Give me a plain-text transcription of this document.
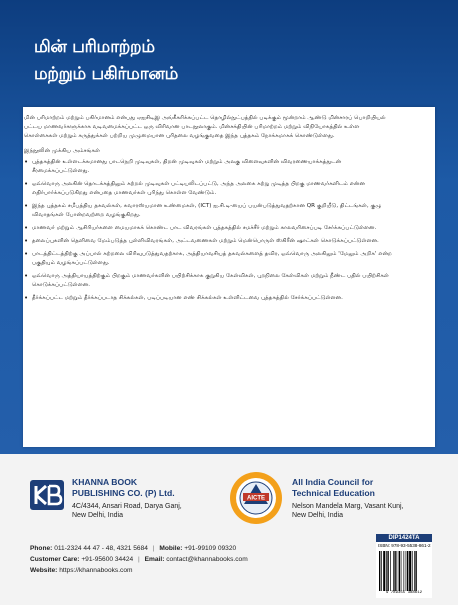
மின் பரிமாற்றம்
மற்றும் பகிர்மானம்

மின் பரிமாற்றம் மற்றும் பகிர்மானம் என்பது ஏஐசிடிஇ அங்கீகரிக்கப்பட்ட தொழில்நுட்பத்தில் படிக்கும் மூன்றாம் ஆண்டு மின்சாரப் பொறியியல் பட்டய மாணவர்களுக்காக வடிவமைக்கப்பட்ட ஒரு விரிவான பாடநூலாகும். மின்சக்தியின் பரிமாற்றம் மற்றும் விநியோகத்தில் உள்ள கொள்கைகள் மற்றும் கருத்துக்கள் பற்றிய முழுமையான புரிதலை வழங்குவதை இந்த புத்தகம் நோக்கமாகக் கொண்டுள்ளது.

இந்நூலின் முக்கிய அம்சங்கள்

• புத்தகத்தின் உள்ளடக்கமானது பாடநெறி முடிவுகள், திறன் முடிவுகள் மற்றும் அலகு விளைவுகளின் விவரணையாக்கத்துடன் சீரமைக்கப்பட்டுள்ளது.
• ஒவ்வொரு அலகின் தொடக்கத்திலும் கற்றல் முடிவுகள் பட்டியலிடப்பட்டு, அந்த அலகை கற்று முடித்த பிறகு மாணவர்களிடம் என்ன எதிர்பார்க்கப்படுகிறது என்பதை மாணவர்கள் புரிந்து கொள்ள வேண்டும்.
• இந்த புத்தகம் சமீபத்திய தகவல்கள், சுவாரஸ்யமான உண்மைகள், (ICT) ஐ.சி.டி-யைப் பயன்படுத்துவதற்கான QR குறியீடு, திட்டங்கள், குழு விவாதங்கள் போன்றவற்றை வழங்குகிறது.
• மாணவர் மற்றும் ஆசிரியர்களை மையமாகக் கொண்ட பாட விவரங்கள் புத்தகத்தில் சமச்சீர் மற்றும் காலவரிசைப்படி சேர்க்கப்பட்டுள்ளன.
• தலைப்புகளின் தெளிவை மேம்படுத்த புள்ளிவிவரங்கள், அட்டவணைகள் மற்றும் மென்பொருள் ஸ்கிரீன் ஷாட்கள் கொடுக்கப்பட்டுள்ளன.
• பாடத்திட்டத்திற்கு அப்பால் கற்றலை விரிவுபடுத்துவதற்காக, அத்தியாவசியத் தகவல்களைத் தவிர, ஒவ்வொரு அலகிலும் 'மேலும் அறிக' என்ற பகுதியும் வழங்கப்பட்டுள்ளது.
• ஒவ்வொரு அத்தியாயத்திற்கும் பிறகும் மாணவர்களின் பயிற்சிக்காக குறுகிய கேள்விகள், புறநிலை கேள்விகள் மற்றும் நீண்ட பதில் பயிற்சிகள் கொடுக்கப்பட்டுள்ளன.
• தீர்க்கப்பட்ட மற்றும் தீர்க்கப்படாத சிக்கல்கள், படிப்படியான எண் சிக்கல்கள் உள்ளிட்டவை புத்தகத்தில் சேர்க்கப்பட்டுள்ளன.
KHANNA BOOK
PUBLISHING CO. (P) Ltd.
4C/4344, Ansari Road, Darya Ganj,
New Delhi, India
AICTE
All India Council for
Technical Education
Nelson Mandela Marg, Vasant Kunj,
New Delhi, India
Phone: 011-2324 44 47 - 48, 4321 5684 | Mobile: +91-99109 09320
Customer Care: +91-95600 34424 | Email: contact@khannabooks.com
Website: https://khannabooks.com
DIP1424TA
ISBN: 978-93-5538-861-2
9 789355 388612
